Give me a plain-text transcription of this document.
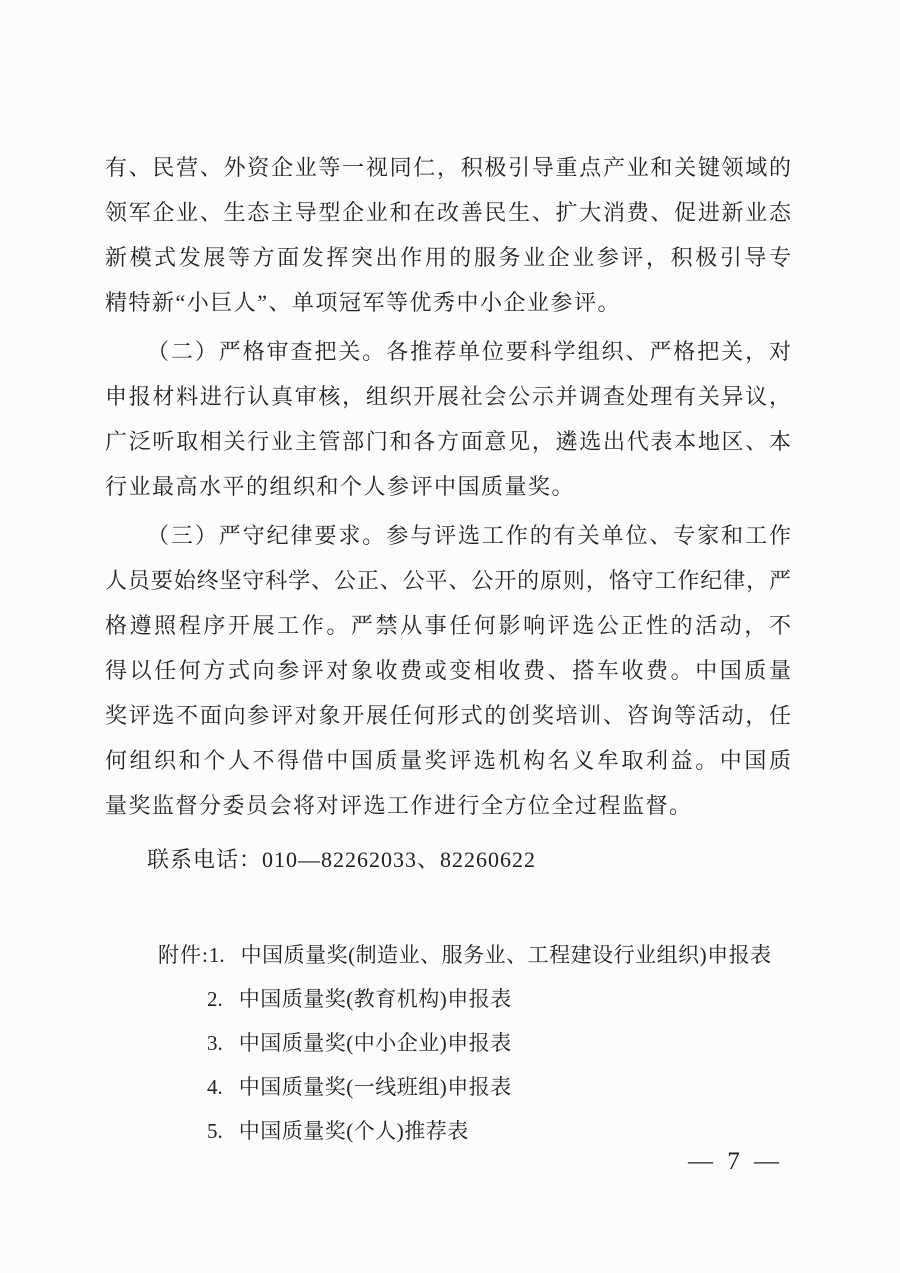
有、民营、外资企业等一视同仁，积极引导重点产业和关键领域的
领军企业、生态主导型企业和在改善民生、扩大消费、促进新业态
新模式发展等方面发挥突出作用的服务业企业参评，积极引导专
精特新“小巨人”、单项冠军等优秀中小企业参评。
（二）严格审查把关。各推荐单位要科学组织、严格把关，对
申报材料进行认真审核，组织开展社会公示并调查处理有关异议，
广泛听取相关行业主管部门和各方面意见，遴选出代表本地区、本
行业最高水平的组织和个人参评中国质量奖。
（三）严守纪律要求。参与评选工作的有关单位、专家和工作
人员要始终坚守科学、公正、公平、公开的原则，恪守工作纪律，严
格遵照程序开展工作。严禁从事任何影响评选公正性的活动，不
得以任何方式向参评对象收费或变相收费、搭车收费。中国质量
奖评选不面向参评对象开展任何形式的创奖培训、咨询等活动，任
何组织和个人不得借中国质量奖评选机构名义牟取利益。中国质
量奖监督分委员会将对评选工作进行全方位全过程监督。
联系电话：010—82262033、82260622
附件:1. 中国质量奖(制造业、服务业、工程建设行业组织)申报表
2. 中国质量奖(教育机构)申报表
3. 中国质量奖(中小企业)申报表
4. 中国质量奖(一线班组)申报表
5. 中国质量奖(个人)推荐表
— 7 —
